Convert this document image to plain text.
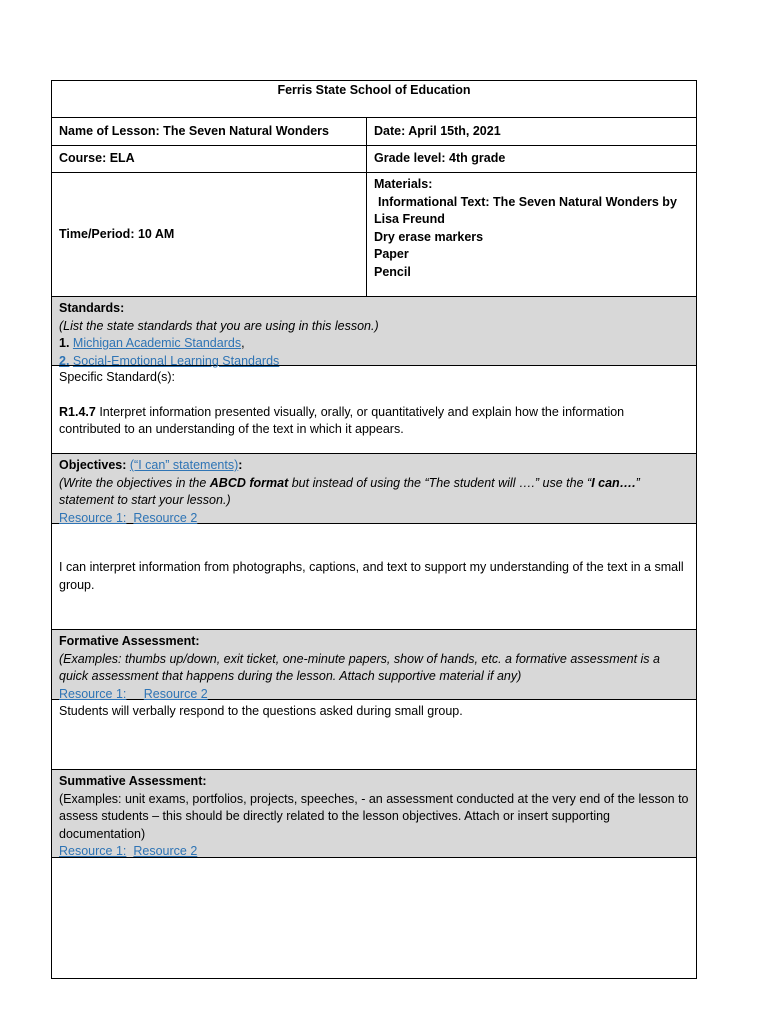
Ferris State School of Education
Name of Lesson: The Seven Natural Wonders	Date: April 15th, 2021
Course: ELA	Grade level: 4th grade
Time/Period: 10 AM
Materials:
Informational Text: The Seven Natural Wonders by
Lisa Freund
Dry erase markers
Paper
Pencil
Standards:
(List the state standards that you are using in this lesson.)
1. Michigan Academic Standards,
2. Social-Emotional Learning Standards
Specific Standard(s):
R1.4.7 Interpret information presented visually, orally, or quantitatively and explain how the information contributed to an understanding of the text in which it appears.
Objectives: (“I can” statements):
(Write the objectives in the ABCD format but instead of using the “The student will ….” use the “I can….” statement to start your lesson.)
Resource 1: Resource 2
I can interpret information from photographs, captions, and text to support my understanding of the text in a small group.
Formative Assessment:
(Examples: thumbs up/down, exit ticket, one-minute papers, show of hands, etc. a formative assessment is a quick assessment that happens during the lesson. Attach supportive material if any)
Resource 1: Resource 2
Students will verbally respond to the questions asked during small group.
Summative Assessment:
(Examples: unit exams, portfolios, projects, speeches, - an assessment conducted at the very end of the lesson to assess students – this should be directly related to the lesson objectives. Attach or insert supporting documentation)
Resource 1: Resource 2
